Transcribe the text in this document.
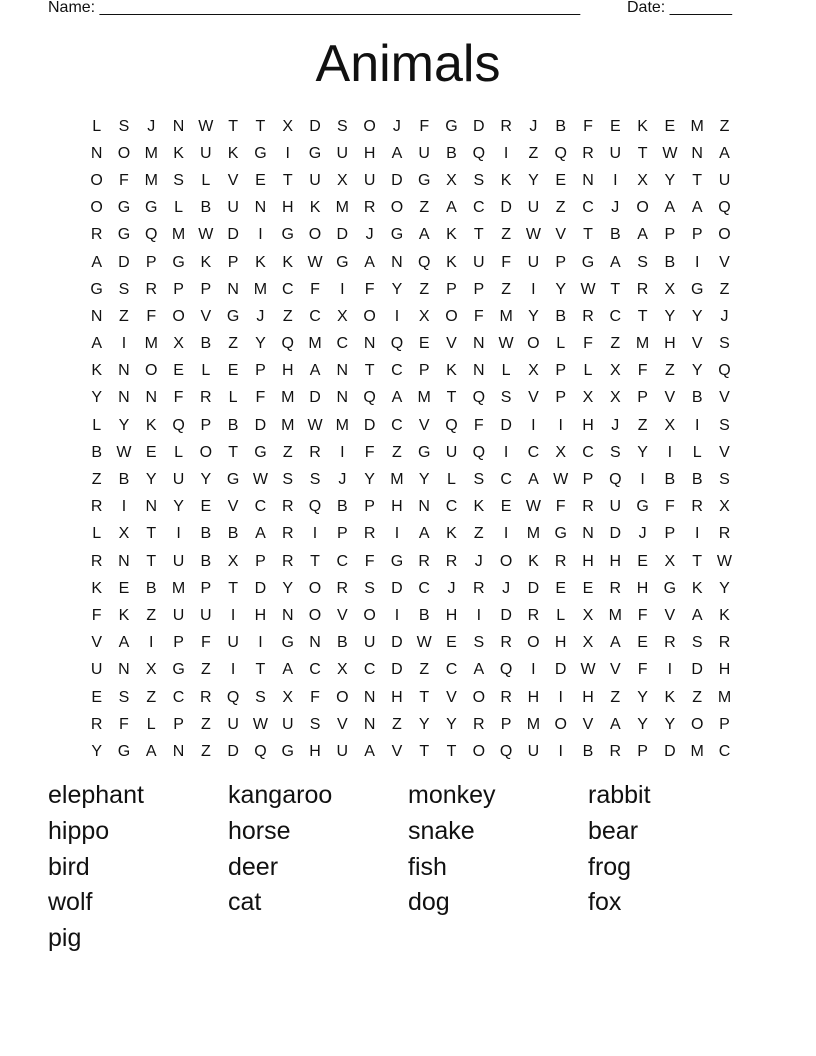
Name: ______________________________________________________	Date: _______
Animals
L	S	J	N W T	T	X	D	S O	J	F	G D R	J	B	F	E	K	E M Z
N O M K	U	K G	I	G U H	A	U	B Q	I	Z	Q R U	T W N	A
O	F M S	L	V	E	T	U	X	U D G X	S	K	Y	E	N	I	X	Y	T	U
O G G	L	B	U N H	K M R O	Z	A	C D U	Z	C	J	O A	A Q
R G Q M W D	I	G O D	J	G A	K	T	Z W V	T	B	A	P	P O
A	D	P G K	P	K	K W G A	N Q K	U	F	U	P G A	S	B	I	V
G S	R	P	P	N M C	F	I	F	Y	Z	P	P	Z	I	Y W T	R	X G	Z
N	Z	F	O V G	J	Z	C	X O	I	X O	F M Y	B	R C	T	Y	Y	J
A	I	M X	B	Z	Y Q M C N Q E	V	N W O	L	F	Z M H	V	S
K	N O E	L	E	P	H	A	N	T	C	P	K	N	L	X	P	L	X	F	Z	Y Q
Y	N N	F	R	L	F M D N Q A M T	Q S	V	P	X	X	P	V	B	V
L	Y	K Q P	B	D M W M D C	V Q	F	D	I	I	H	J	Z	X	I	S
B W E	L	O	T	G	Z	R	I	F	Z	G U Q	I	C	X	C	S	Y	I	L	V
Z	B	Y	U	Y G W S	S	J	Y M Y	L	S	C	A W P Q	I	B	B	S
R	I	N	Y	E	V	C R Q B	P	H N C	K	E W F	R U G	F	R	X
L	X	T	I	B	B	A	R	I	P	R	I	A	K	Z	I	M G N D	J	P	I	R
R N	T	U	B	X	P	R	T	C	F	G R R	J	O K	R H H	E	X	T W
K	E	B M P	T	D	Y O R	S	D C	J	R	J	D	E	E	R H G K	Y
F	K	Z	U U	I	H N O V O	I	B	H	I	D R	L	X M F	V	A	K
V	A	I	P	F	U	I	G N	B	U D W E	S	R O H	X	A	E	R	S	R
U N	X G	Z	I	T	A	C	X	C D	Z	C	A Q	I	D W V	F	I	D H
E	S	Z	C R Q S	X	F	O N H	T	V O R H	I	H	Z	Y	K	Z M
R	F	L	P	Z	U W U	S	V	N	Z	Y	Y	R	P M O V	A	Y	Y O P
Y G A	N	Z	D Q G H U	A	V	T	T	O Q U	I	B	R	P	D M C
elephant	kangaroo	monkey	rabbit
hippo	horse	snake	bear
bird	deer	fish	frog
wolf	cat	dog	fox
pig
